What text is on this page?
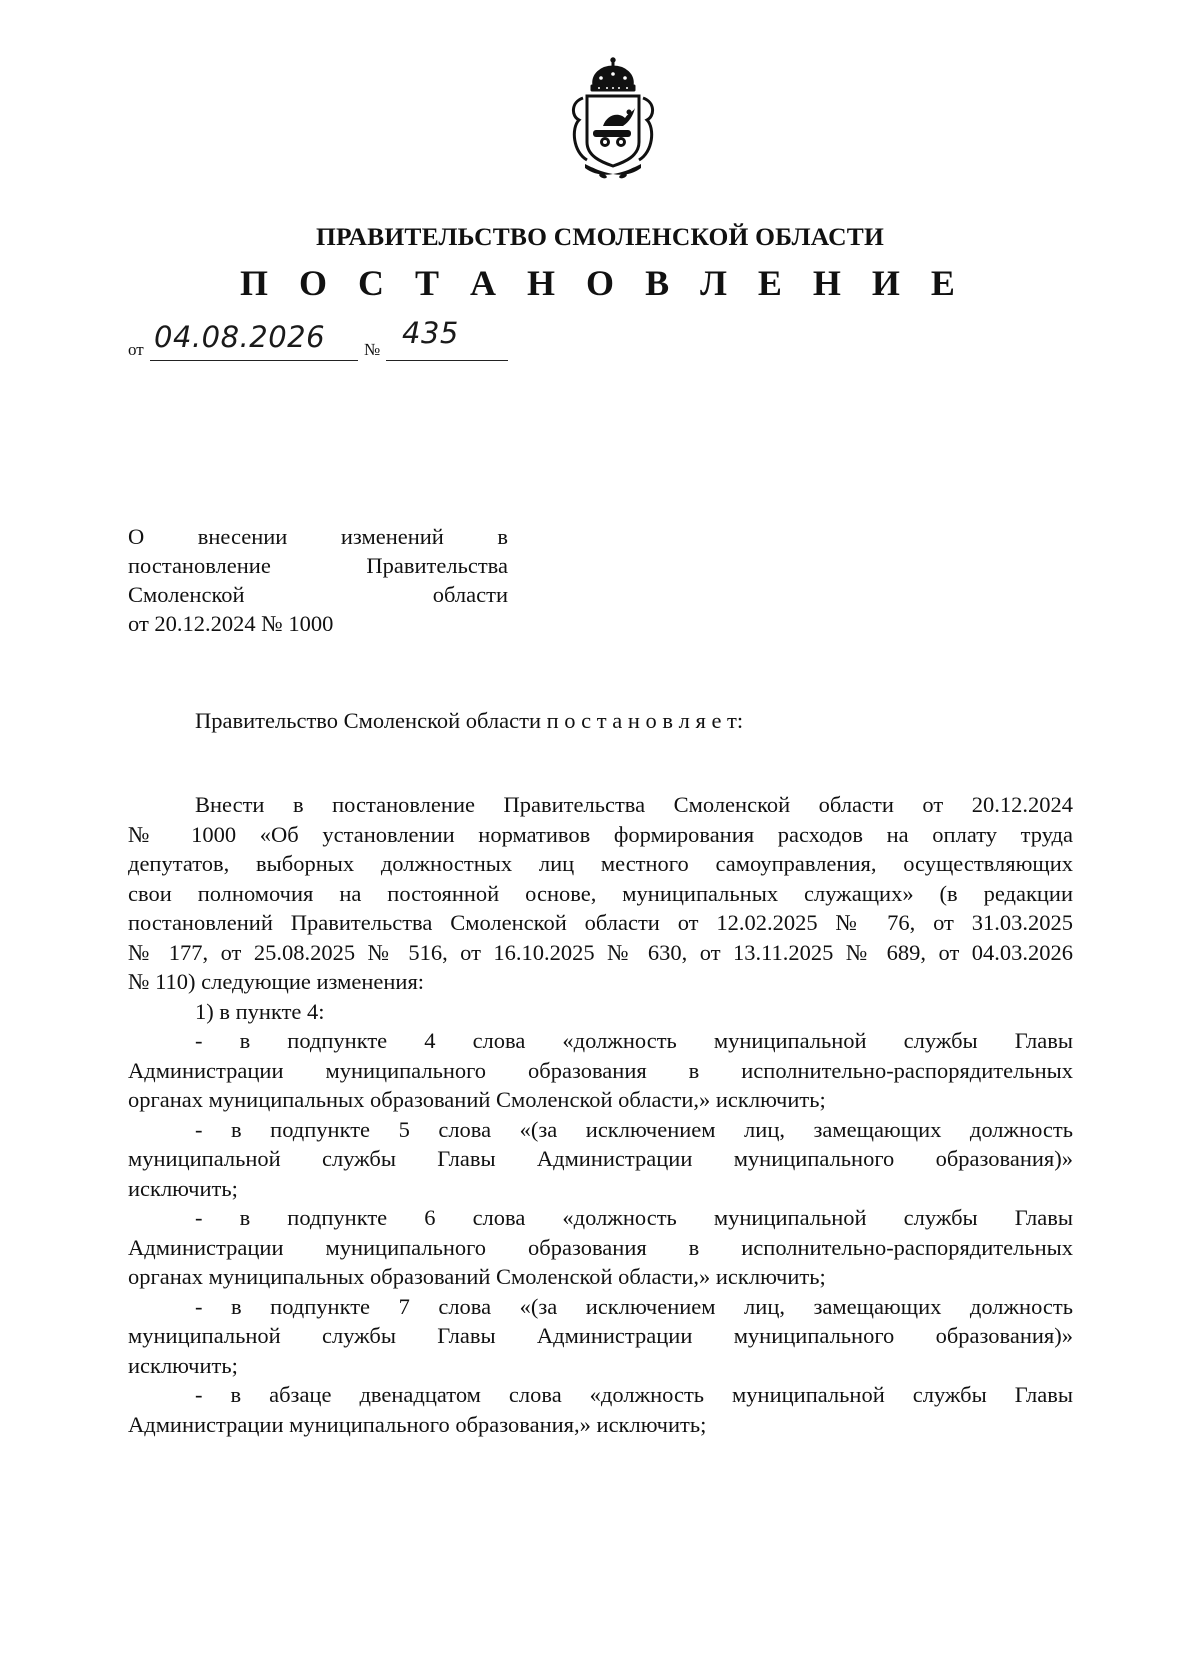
ПРАВИТЕЛЬСТВО СМОЛЕНСКОЙ ОБЛАСТИ
П О С Т А Н О В Л Е Н И Е
от 04.08.2026 № 435
О внесении изменений в
постановление Правительства
Смоленской области
от 20.12.2024 № 1000
Правительство Смоленской области п о с т а н о в л я е т:
Внести в постановление Правительства Смоленской области от 20.12.2024
№ 1000 «Об установлении нормативов формирования расходов на оплату труда
депутатов, выборных должностных лиц местного самоуправления, осуществляющих
свои полномочия на постоянной основе, муниципальных служащих» (в редакции
постановлений Правительства Смоленской области от 12.02.2025 № 76, от 31.03.2025
№ 177, от 25.08.2025 № 516, от 16.10.2025 № 630, от 13.11.2025 № 689, от 04.03.2026
№ 110) следующие изменения:
1) в пункте 4:
- в подпункте 4 слова «должность муниципальной службы Главы
Администрации муниципального образования в исполнительно-распорядительных
органах муниципальных образований Смоленской области,» исключить;
- в подпункте 5 слова «(за исключением лиц, замещающих должность
муниципальной службы Главы Администрации муниципального образования)»
исключить;
- в подпункте 6 слова «должность муниципальной службы Главы
Администрации муниципального образования в исполнительно-распорядительных
органах муниципальных образований Смоленской области,» исключить;
- в подпункте 7 слова «(за исключением лиц, замещающих должность
муниципальной службы Главы Администрации муниципального образования)»
исключить;
- в абзаце двенадцатом слова «должность муниципальной службы Главы
Администрации муниципального образования,» исключить;
